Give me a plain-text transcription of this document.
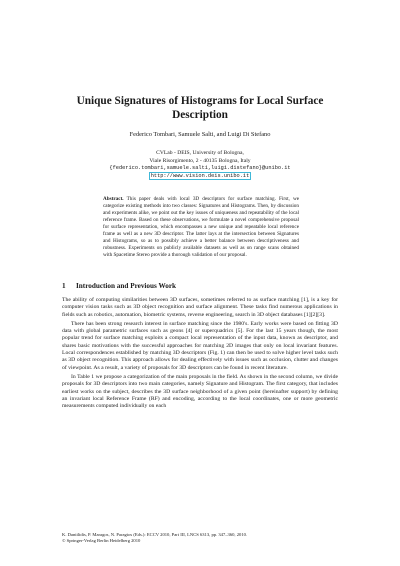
Unique Signatures of Histograms for Local Surface Description
Federico Tombari, Samuele Salti, and Luigi Di Stefano
CVLab - DEIS, University of Bologna,
Viale Risorgimento, 2 - 40135 Bologna, Italy
{federico.tombari,samuele.salti,luigi.distefano}@unibo.it
http://www.vision.deis.unibo.it
Abstract. This paper deals with local 3D descriptors for surface matching. First, we categorize existing methods into two classes: Signatures and Histograms. Then, by discussion and experiments alike, we point out the key issues of uniqueness and repeatability of the local reference frame. Based on these observations, we formulate a novel comprehensive proposal for surface representation, which encompasses a new unique and repeatable local reference frame as well as a new 3D descriptor. The latter lays at the intersection between Signatures and Histograms, so as to possibly achieve a better balance between descriptiveness and robustness. Experiments on publicly available datasets as well as on range scans obtained with Spacetime Stereo provide a thorough validation of our proposal.
1 Introduction and Previous Work

The ability of computing similarities between 3D surfaces, sometimes referred to as surface matching [1], is a key for computer vision tasks such as 3D object recognition and surface alignment. These tasks find numerous applications in fields such as robotics, automation, biometric systems, reverse engineering, search in 3D object databases [1][2][3].

There has been strong research interest in surface matching since the 1980's. Early works were based on fitting 3D data with global parametric surfaces such as geons [4] or superquadrics [5]. For the last 15 years though, the most popular trend for surface matching exploits a compact local representation of the input data, known as descriptor, and shares basic motivations with the successful approaches for matching 2D images that only on local invariant features. Local correspondences established by matching 3D descriptors (Fig. 1) can then be used to solve higher level tasks such as 3D object recognition. This approach allows for dealing effectively with issues such as occlusion, clutter and changes of viewpoint. As a result, a variety of proposals for 3D descriptors can be found in recent literature.

In Table 1 we propose a categorization of the main proposals in the field. As shown in the second column, we divide proposals for 3D descriptors into two main categories, namely Signature and Histogram. The first category, that includes earliest works on the subject, describes the 3D surface neighborhood of a given point (hereinafter support) by defining an invariant local Reference Frame (RF) and encoding, according to the local coordinates, one or more geometric measurements computed individually on each

K. Daniilidis, P. Maragos, N. Paragios (Eds.): ECCV 2010, Part III, LNCS 6313, pp. 347–360, 2010.
© Springer-Verlag Berlin Heidelberg 2010
